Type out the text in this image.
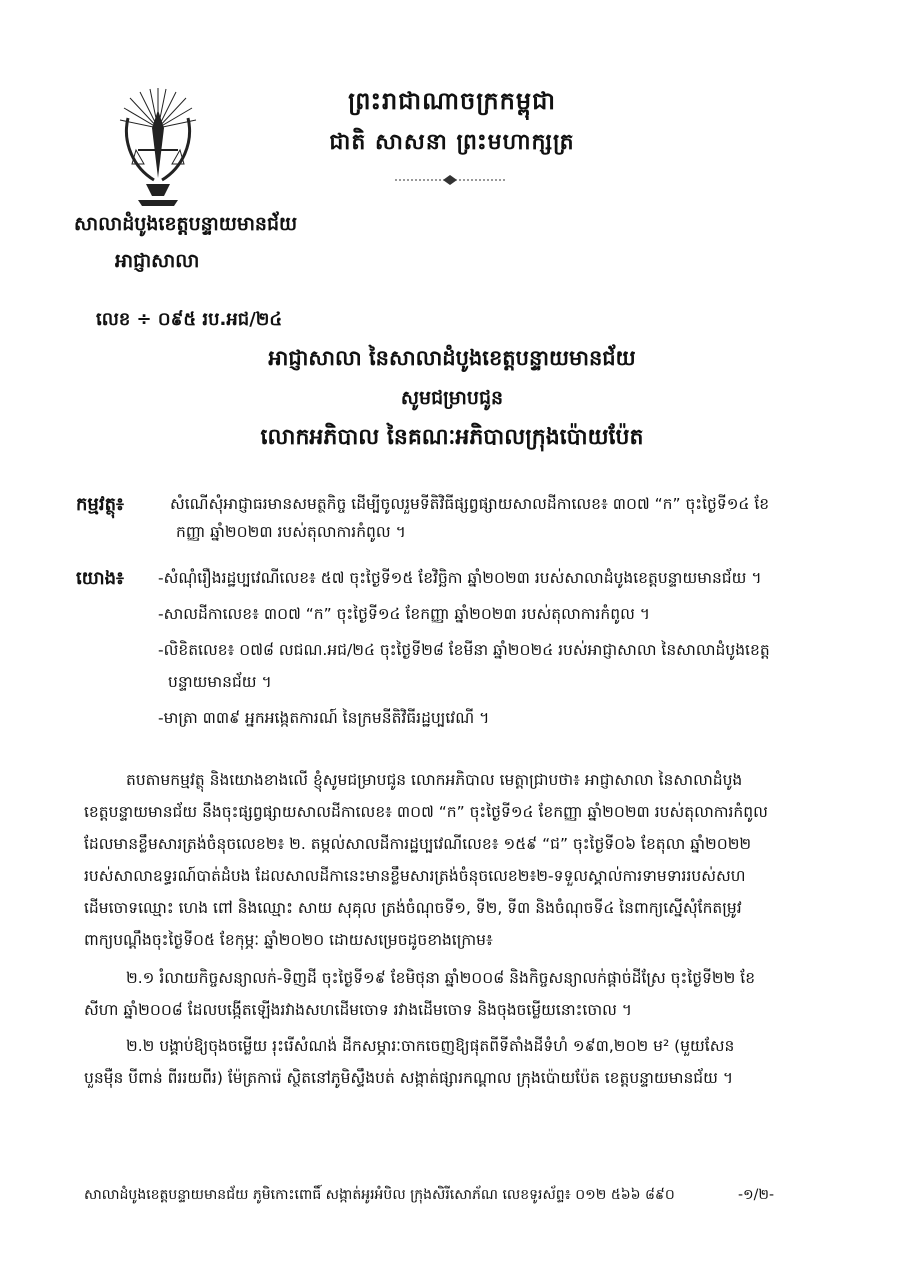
ព្រះរាជាណាចក្រកម្ពុជា
ជាតិ សាសនា ព្រះមហាក្សត្រ
សាលាដំបូងខេត្តបន្ទាយមានជ័យ
អាជ្ញាសាលា
លេខ ÷ ០៩៥ រប.អជ/២៤
អាជ្ញាសាលា នៃសាលាដំបូងខេត្តបន្ទាយមានជ័យ
សូមជម្រាបជូន
លោកអភិបាល នៃគណៈអភិបាលក្រុងប៉ោយប៉ែត
កម្មវត្ថុ៖	សំណើសុំអាជ្ញាធរមានសមត្ថកិច្ច ដើម្បីចូលរួមទីតិវិធីផ្សព្វផ្សាយសាលដីកាលេខ៖ ៣០៧ “ក” ចុះថ្ងៃទី១៤ ខែ
កញ្ញា ឆ្នាំ២០២៣ របស់តុលាការកំពូល ។
យោង៖ -សំណុំរឿងរដ្ឋប្បវេណីលេខ៖ ៥៧ ចុះថ្ងៃទី១៥ ខែវិច្ឆិកា ឆ្នាំ២០២៣ របស់សាលាដំបូងខេត្តបន្ទាយមានជ័យ ។
-សាលដីកាលេខ៖ ៣០៧ “ក” ចុះថ្ងៃទី១៤ ខែកញ្ញា ឆ្នាំ២០២៣ របស់តុលាការកំពូល ។
-លិខិតលេខ៖ ០៧៨ លជណ.អជ/២៤ ចុះថ្ងៃទី២៨ ខែមីនា ឆ្នាំ២០២៤ របស់អាជ្ញាសាលា នៃសាលាដំបូងខេត្ត
បន្ទាយមានជ័យ ។
-មាត្រា ៣៣៩ អ្នកអង្កេតការណ៍ នៃក្រមនីតិវិធីរដ្ឋប្បវេណី ។
តបតាមកម្មវត្ថុ និងយោងខាងលើ ខ្ញុំសូមជម្រាបជូន លោកអភិបាល មេត្តាជ្រាបថា៖ អាជ្ញាសាលា នៃសាលាដំបូង
ខេត្តបន្ទាយមានជ័យ នឹងចុះផ្សព្វផ្សាយសាលដីកាលេខ៖ ៣០៧ “ក” ចុះថ្ងៃទី១៤ ខែកញ្ញា ឆ្នាំ២០២៣ របស់តុលាការកំពូល
ដែលមានខ្លឹមសារត្រង់ចំនុចលេខ២៖ ២. តម្កល់សាលដីការដ្ឋប្បវេណីលេខ៖ ១៥៩ “ជ” ចុះថ្ងៃទី០៦ ខែតុលា ឆ្នាំ២០២២
របស់សាលាឧទ្ធរណ៍បាត់ដំបង ដែលសាលដីកានេះមានខ្លឹមសារត្រង់ចំនុចលេខ២៖២-ទទួលស្គាល់ការទាមទាររបស់សហ
ដើមចោទឈ្មោះ ហេង ពៅ និងឈ្មោះ សាយ សុគុល ត្រង់ចំណុចទី១, ទី២, ទី៣ និងចំណុចទី៤ នៃពាក្យស្នើសុំកែតម្រូវ
ពាក្យបណ្តឹងចុះថ្ងៃទី០៥ ខែកុម្ភៈ ឆ្នាំ២០២០ ដោយសម្រេចដូចខាងក្រោម៖
២.១ រំលាយកិច្ចសន្យាលក់-ទិញដី ចុះថ្ងៃទី១៩ ខែមិថុនា ឆ្នាំ២០០៨ និងកិច្ចសន្យាលក់ផ្តាច់ដីស្រែ ចុះថ្ងៃទី២២ ខែ
សីហា ឆ្នាំ២០០៨ ដែលបង្កើតឡើងរវាងសហដើមចោទ រវាងដើមចោទ និងចុងចម្លើយនោះចោល ។
២.២ បង្គាប់ឱ្យចុងចម្លើយ រុះរើសំណង់ ដីកសម្ភារៈចាកចេញឱ្យផុតពីទីតាំងដីទំហំ ១៩៣,២០២ ម² (មួយសែន
បួនម៉ឺន បីពាន់ ពីររយពីរ) ម៉ែត្រការ៉េ ស្ថិតនៅភូមិស្ទឹងបត់ សង្កាត់ផ្សារកណ្តាល ក្រុងប៉ោយប៉ែត ខេត្តបន្ទាយមានជ័យ ។
សាលាដំបូងខេត្តបន្ទាយមានជ័យ ភូមិកោះពោធិ៍ សង្កាត់អូរអំបិល ក្រុងសិរីសោភ័ណ លេខទូរស័ព្ទ៖ ០១២ ៥៦៦ ៨៩០	-១/២-
